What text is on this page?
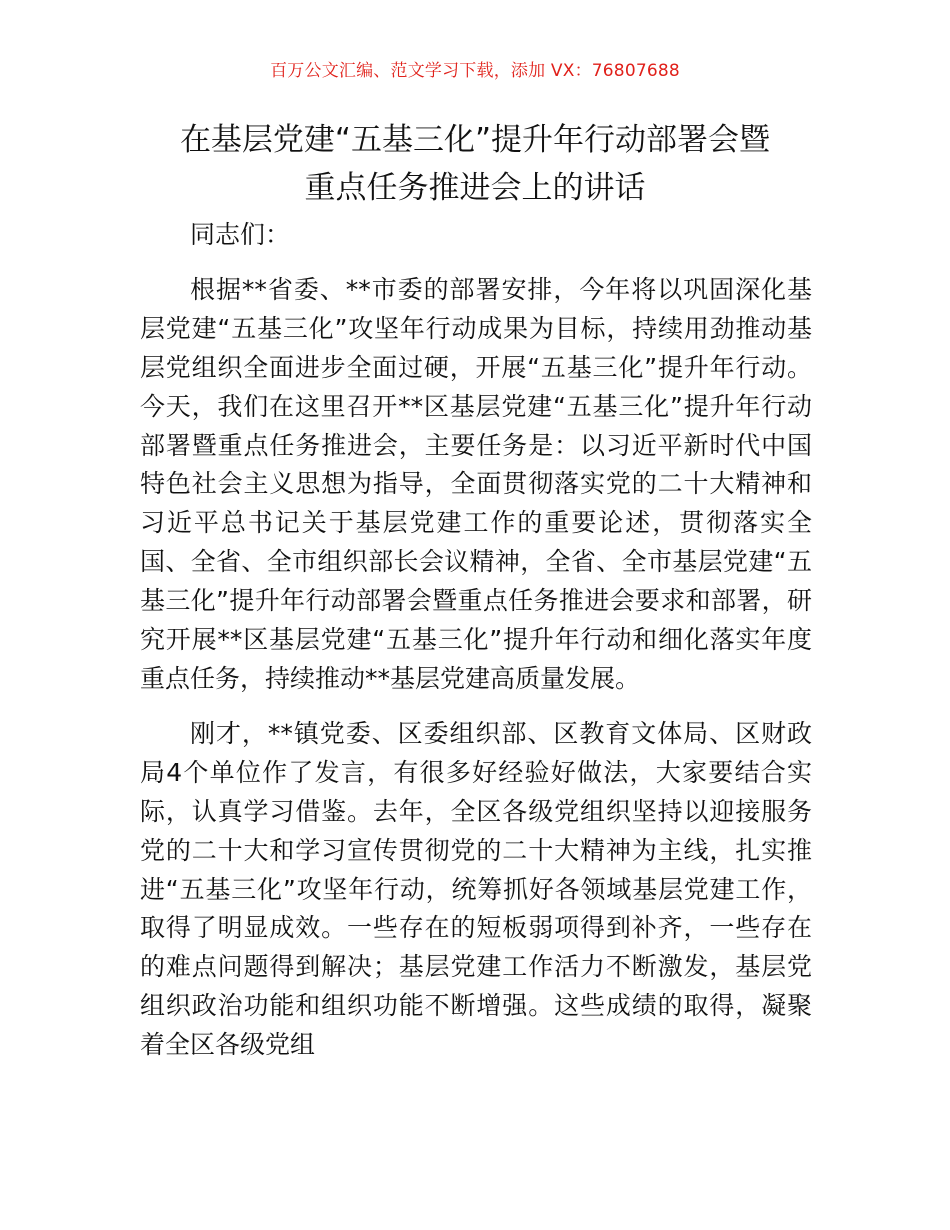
百万公文汇编、范文学习下载，添加 VX：76807688
在基层党建“五基三化”提升年行动部署会暨
重点任务推进会上的讲话

同志们：

根据**省委、**市委的部署安排，今年将以巩固深化基层党建“五基三化”攻坚年行动成果为目标，持续用劲推动基层党组织全面进步全面过硬，开展“五基三化”提升年行动。今天，我们在这里召开**区基层党建“五基三化”提升年行动部署暨重点任务推进会，主要任务是：以习近平新时代中国特色社会主义思想为指导，全面贯彻落实党的二十大精神和习近平总书记关于基层党建工作的重要论述，贯彻落实全国、全省、全市组织部长会议精神，全省、全市基层党建“五基三化”提升年行动部署会暨重点任务推进会要求和部署，研究开展**区基层党建“五基三化”提升年行动和细化落实年度重点任务，持续推动**基层党建高质量发展。

刚才，**镇党委、区委组织部、区教育文体局、区财政局4个单位作了发言，有很多好经验好做法，大家要结合实际，认真学习借鉴。去年，全区各级党组织坚持以迎接服务党的二十大和学习宣传贯彻党的二十大精神为主线，扎实推进“五基三化”攻坚年行动，统筹抓好各领域基层党建工作，取得了明显成效。一些存在的短板弱项得到补齐，一些存在的难点问题得到解决；基层党建工作活力不断激发，基层党组织政治功能和组织功能不断增强。这些成绩的取得，凝聚着全区各级党组
